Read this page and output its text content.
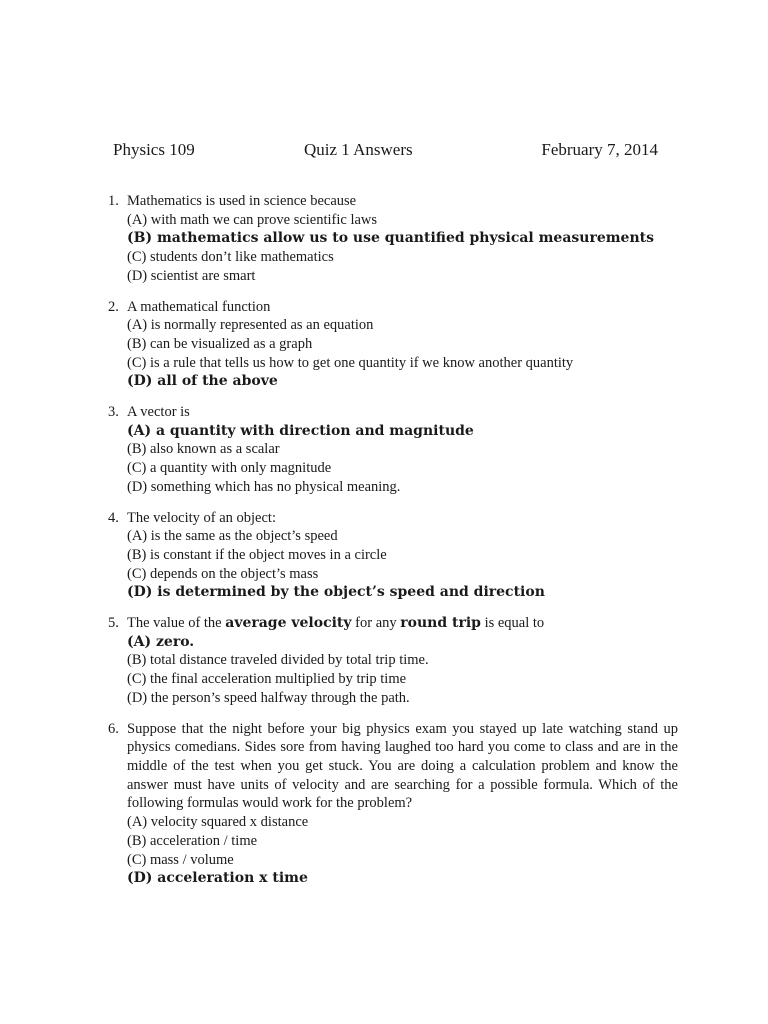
Physics 109	Quiz 1 Answers	February 7, 2014
1. Mathematics is used in science because
(A) with math we can prove scientific laws
(B) mathematics allow us to use quantified physical measurements
(C) students don’t like mathematics
(D) scientist are smart
2. A mathematical function
(A) is normally represented as an equation
(B) can be visualized as a graph
(C) is a rule that tells us how to get one quantity if we know another quantity
(D) all of the above
3. A vector is
(A) a quantity with direction and magnitude
(B) also known as a scalar
(C) a quantity with only magnitude
(D) something which has no physical meaning.
4. The velocity of an object:
(A) is the same as the object’s speed
(B) is constant if the object moves in a circle
(C) depends on the object’s mass
(D) is determined by the object’s speed and direction
5. The value of the average velocity for any round trip is equal to
(A) zero.
(B) total distance traveled divided by total trip time.
(C) the final acceleration multiplied by trip time
(D) the person’s speed halfway through the path.
6. Suppose that the night before your big physics exam you stayed up late watching stand up physics comedians. Sides sore from having laughed too hard you come to class and are in the middle of the test when you get stuck. You are doing a calculation problem and know the answer must have units of velocity and are searching for a possible formula. Which of the following formulas would work for the problem?
(A) velocity squared x distance
(B) acceleration / time
(C) mass / volume
(D) acceleration x time
